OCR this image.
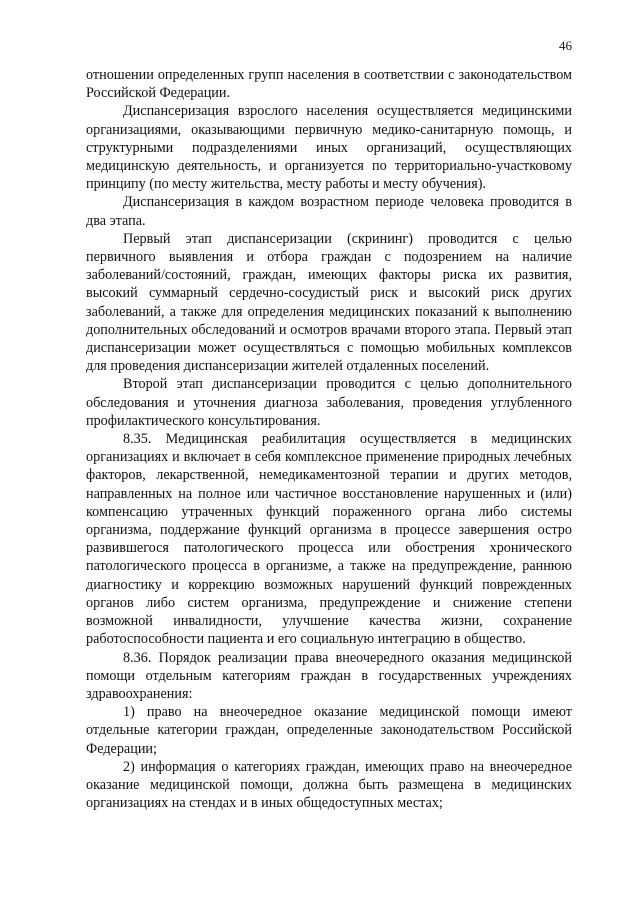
46

отношении определенных групп населения в соответствии с законодательством Российской Федерации.

Диспансеризация взрослого населения осуществляется медицинскими организациями, оказывающими первичную медико-санитарную помощь, и структурными подразделениями иных организаций, осуществляющих медицинскую деятельность, и организуется по территориально-участковому принципу (по месту жительства, месту работы и месту обучения).

Диспансеризация в каждом возрастном периоде человека проводится в два этапа.

Первый этап диспансеризации (скрининг) проводится с целью первичного выявления и отбора граждан с подозрением на наличие заболеваний/состояний, граждан, имеющих факторы риска их развития, высокий суммарный сердечно-сосудистый риск и высокий риск других заболеваний, а также для определения медицинских показаний к выполнению дополнительных обследований и осмотров врачами второго этапа. Первый этап диспансеризации может осуществляться с помощью мобильных комплексов для проведения диспансеризации жителей отдаленных поселений.

Второй этап диспансеризации проводится с целью дополнительного обследования и уточнения диагноза заболевания, проведения углубленного профилактического консультирования.

8.35. Медицинская реабилитация осуществляется в медицинских организациях и включает в себя комплексное применение природных лечебных факторов, лекарственной, немедикаментозной терапии и других методов, направленных на полное или частичное восстановление нарушенных и (или) компенсацию утраченных функций пораженного органа либо системы организма, поддержание функций организма в процессе завершения остро развившегося патологического процесса или обострения хронического патологического процесса в организме, а также на предупреждение, раннюю диагностику и коррекцию возможных нарушений функций поврежденных органов либо систем организма, предупреждение и снижение степени возможной инвалидности, улучшение качества жизни, сохранение работоспособности пациента и его социальную интеграцию в общество.

8.36. Порядок реализации права внеочередного оказания медицинской помощи отдельным категориям граждан в государственных учреждениях здравоохранения:

1) право на внеочередное оказание медицинской помощи имеют отдельные категории граждан, определенные законодательством Российской Федерации;

2) информация о категориях граждан, имеющих право на внеочередное оказание медицинской помощи, должна быть размещена в медицинских организациях на стендах и в иных общедоступных местах;
